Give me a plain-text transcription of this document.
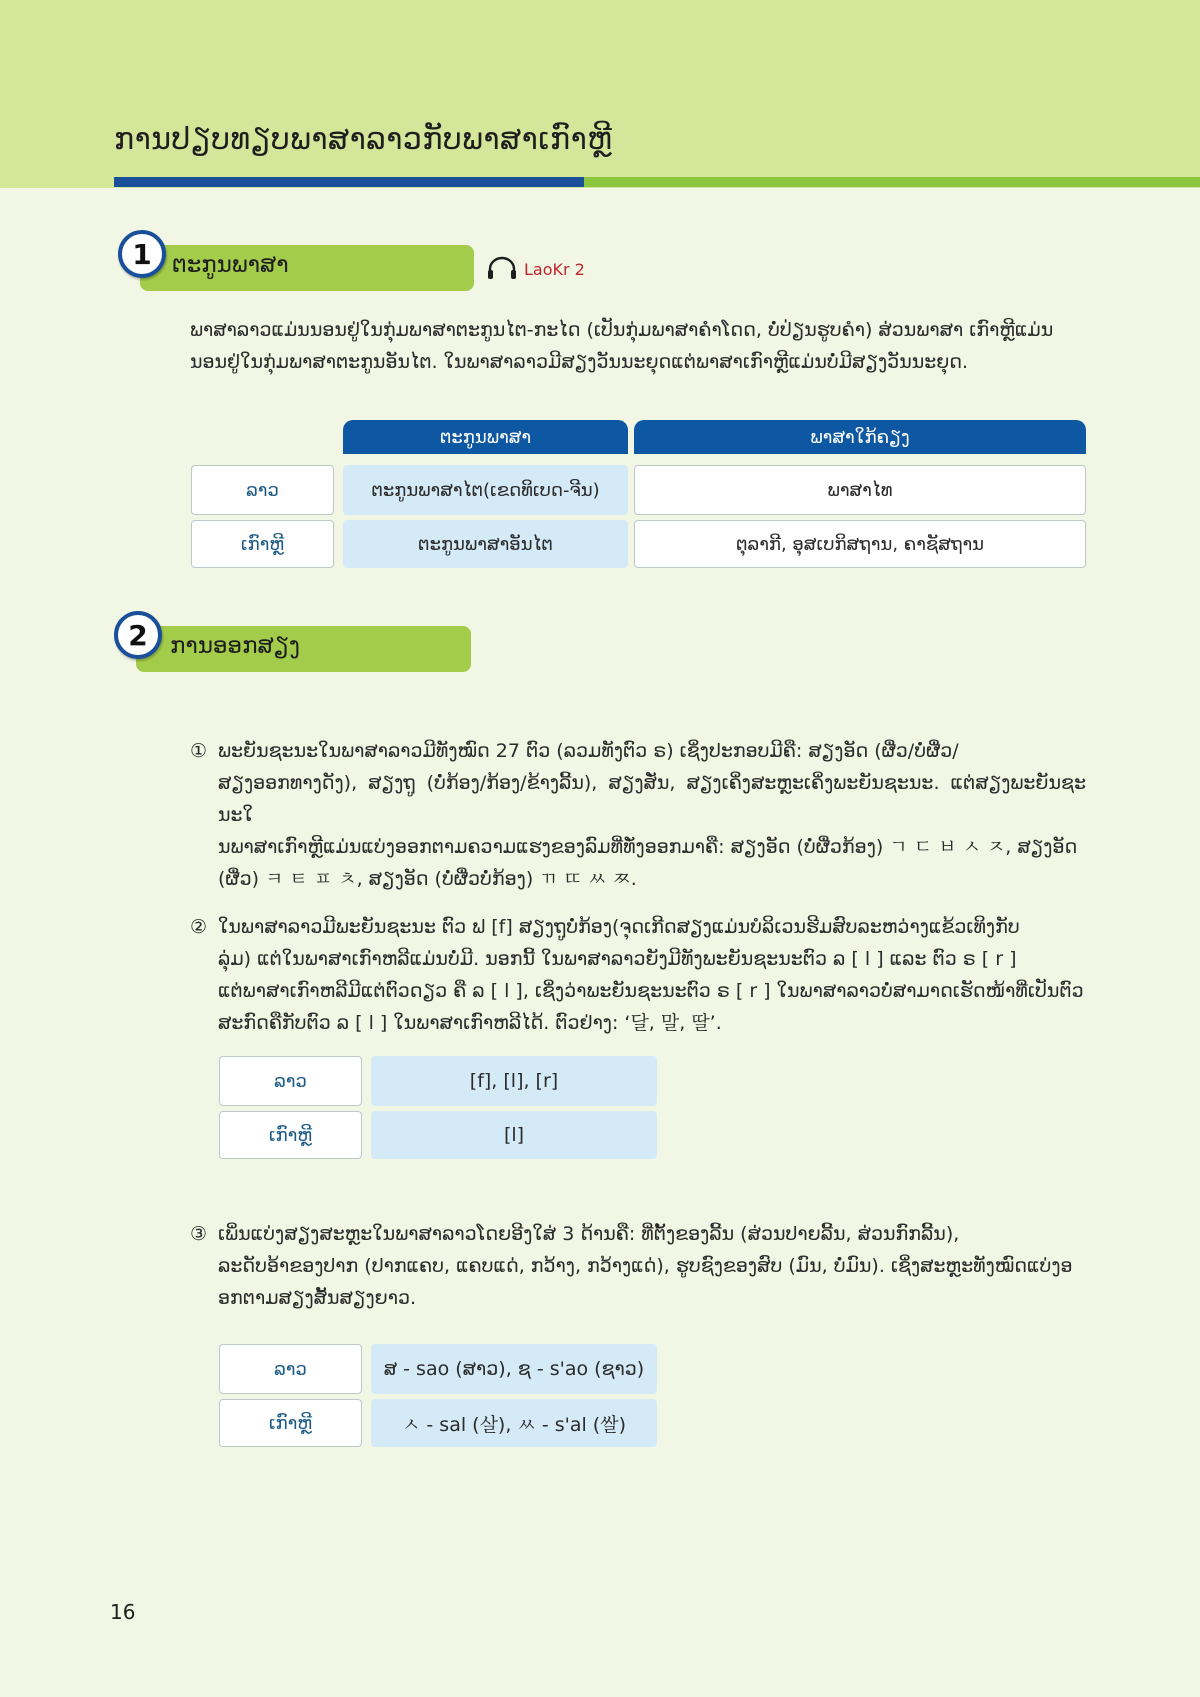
ການປຽບທຽບພາສາລາວກັບພາສາເກົາຫຼີ
ຕະກູນພາສາ
1	LaoKr 2
ພາສາລາວແມ່ນນອນຢູ່ໃນກຸ່ມພາສາຕະກູນໄຕ-ກະໄດ (ເປັນກຸ່ມພາສາຄຳໂດດ, ບໍ່ປ່ຽນຮູບຄຳ) ສ່ວນພາສາ ເກົາຫຼີແມ່ນ
ນອນຢູ່ໃນກຸ່ມພາສາຕະກູນອັນໄຕ. ໃນພາສາລາວມີສຽງວັນນະຍຸດແຕ່ພາສາເກົາຫຼີແມ່ນບໍ່ມີສຽງວັນນະຍຸດ.
ຕະກູນພາສາ	ພາສາໃກ້ຄຽງ
ລາວ	ຕະກູນພາສາໄຕ(ເຂດທິເບດ-ຈີນ)	ພາສາໄທ
ເກົາຫຼີ	ຕະກູນພາສາອັນໄຕ	ຕຸລາກີ, ອຸສເບກິສຖານ, ຄາຊັສຖານ
ການອອກສຽງ
2
① ພະຍັນຊະນະໃນພາສາລາວມີທັງໝົດ 27 ຕົວ (ລວມທັງຕົວ ຣ) ເຊິ່ງປະກອບມີຄື: ສຽງອັດ (ຜື່ວ/ບໍ່ຜື່ວ/
ສຽງອອກທາງດັງ), ສຽງຖູ (ບໍ່ກ້ອງ/ກ້ອງ/ຂ້າງລີ້ນ), ສຽງສັ່ນ, ສຽງເຄິ່ງສະຫຼະເຄິ່ງພະຍັນຊະນະ. ແຕ່ສຽງພະຍັນຊະນະໃ
ນພາສາເກົາຫຼີແມ່ນແບ່ງອອກຕາມຄວາມແຮງຂອງລົມທີ່ທັ່ງອອກມາຄື: ສຽງອັດ (ບໍ່ຜື່ວກ້ອງ) ㄱ ㄷ ㅂ ㅅ ㅈ, ສຽງອັດ
(ຜື່ວ) ㅋ ㅌ ㅍ ㅊ, ສຽງອັດ (ບໍ່ຜື່ວບໍ່ກ້ອງ) ㄲ ㄸ ㅆ ㅉ.
② ໃນພາສາລາວມີພະຍັນຊະນະ ຕົວ ຟ [f] ສຽງຖູບໍ່ກ້ອງ(ຈຸດເກີດສຽງແມ່ນບໍລິເວນຮີມສົບລະຫວ່າງແຂ້ວເທິງກັບ
ລຸ່ມ) ແຕ່ໃນພາສາເກົາຫລີແມ່ນບໍ່ມີ. ນອກນີ້ ໃນພາສາລາວຍັງມີທັງພະຍັນຊະນະຕົວ ລ [ l ] ແລະ ຕົວ ຣ [ r ]
ແຕ່ພາສາເກົາຫລີມີແຕ່ຕົວດຽວ ຄື ລ [ l ], ເຊິ່ງວ່າພະຍັນຊະນະຕົວ ຣ [ r ] ໃນພາສາລາວບໍ່ສາມາດເຮັດໜ້າທີ່ເປັນຕົວ
ສະກົດຄືກັບຕົວ ລ [ l ] ໃນພາສາເກົາຫລີໄດ້. ຕົວຢ່າງ: ‘달, 말, 딸’.
ລາວ	[f], [l], [r]
ເກົາຫຼີ	[l]
③ ເພິ່ນແບ່ງສຽງສະຫຼະໃນພາສາລາວໂດຍອີງໃສ່ 3 ດ້ານຄື: ທີ່ຕັ້ງຂອງລີ້ນ (ສ່ວນປາຍລີ້ນ, ສ່ວນກົກລີ້ນ),
ລະດັບອ້າຂອງປາກ (ປາກແຄບ, ແຄບແດ່, ກວ້າງ, ກວ້າງແດ່), ຮູບຊົງຂອງສົບ (ມົນ, ບໍ່ມົນ). ເຊິ່ງສະຫຼະທັງໝົດແບ່ງອ
ອກຕາມສຽງສັ້ນສຽງຍາວ.
ລາວ	ສ - sao (ສາວ), ຊ - s'ao (ຊາວ)
ເກົາຫຼີ	ㅅ - sal (살), ㅆ - s'al (쌀)
16
